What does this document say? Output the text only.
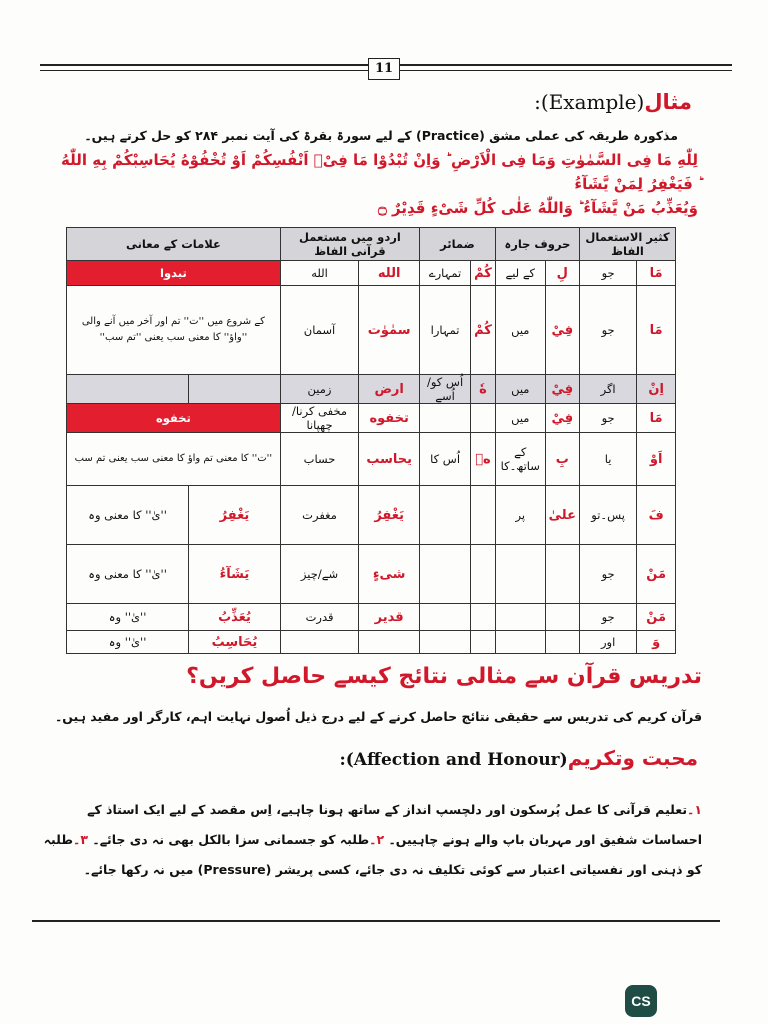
11
مثال(Example):
مذکورہ طریقہ کی عملی مشق (Practice) کے لیے سورۃ بقرۃ کی آیت نمبر ۲۸۴ کو حل کرتے ہیں۔
لِلّٰهِ مَا فِی السَّمٰوٰتِ وَمَا فِی الْاَرْضِ ؕ وَاِنْ تُبْدُوْا مَا فِیْۤ اَنْفُسِكُمْ اَوْ تُخْفُوْهُ یُحَاسِبْكُمْ بِهِ اللّٰهُ ؕ فَیَغْفِرُ لِمَنْ یَّشَآءُ
وَیُعَذِّبُ مَنْ یَّشَآءُ ؕ وَاللّٰهُ عَلٰی كُلِّ شَیْءٍ قَدِیْرٌ ۝
کثیر الاستعمال الفاظ		حروف جارہ		ضمائر		اردو میں مستعمل قرآنی الفاظ		علامات کے معانی	
مَا	جو	لِ	کے لیے	کُمْ	تمہارے	الله	الله	تبدوا	
مَا	جو	فِيْ	میں	كُمْ	تمہارا	سمٰوٰت	آسمان	کے شروع میں ''ت'' تم اور آخر میں آنے والی ''واؤ'' کا معنی سب یعنی ''تم سب''	
اِنْ	اگر	فِيْ	میں	هٗ	اُس کو/اُسے	ارض	زمین		
مَا	جو	فِيْ	میں			تخفوه	مخفی کرنا/چھپانا	تخفوه	
اَوْ	یا	بِ	کے ساتھ۔کا	هٖ	اُس کا	یحاسب	حساب	''ت'' کا معنی تم واؤ کا معنی سب یعنی تم سب	
فَ	پس۔تو	علیٰ	پر			یَغْفِرُ	مغفرت	یَغْفِرُ	''یٰ'' کا معنی وہ
مَنْ	جو					شیءٍ	شے/چیز	یَشَآءُ	''یٰ'' کا معنی وہ
مَنْ	جو					قدیر	قدرت	یُعَذِّبُ	''یٰ'' وہ
وَ	اور							یُحَاسِبُ	''یٰ'' وہ
تدریس قرآن سے مثالی نتائج کیسے حاصل کریں؟
قرآن کریم کی تدریس سے حقیقی نتائج حاصل کرنے کے لیے درج ذیل اُصول نہایت اہم، کارگر اور مفید ہیں۔
محبت وتکریم(Affection and Honour):
۱۔تعلیم قرآنی کا عمل پُرسکون اور دلچسپ انداز کے ساتھ ہونا چاہیے، اِس مقصد کے لیے ایک استاذ کے احساسات شفیق اور مہربان باپ والے ہونے چاہییں۔ ۲۔طلبہ کو جسمانی سزا بالکل بھی نہ دی جائے۔ ۳۔طلبہ کو ذہنی اور نفسیاتی اعتبار سے کوئی تکلیف نہ دی جائے، کسی پریشر (Pressure) میں نہ رکھا جائے۔
CS
